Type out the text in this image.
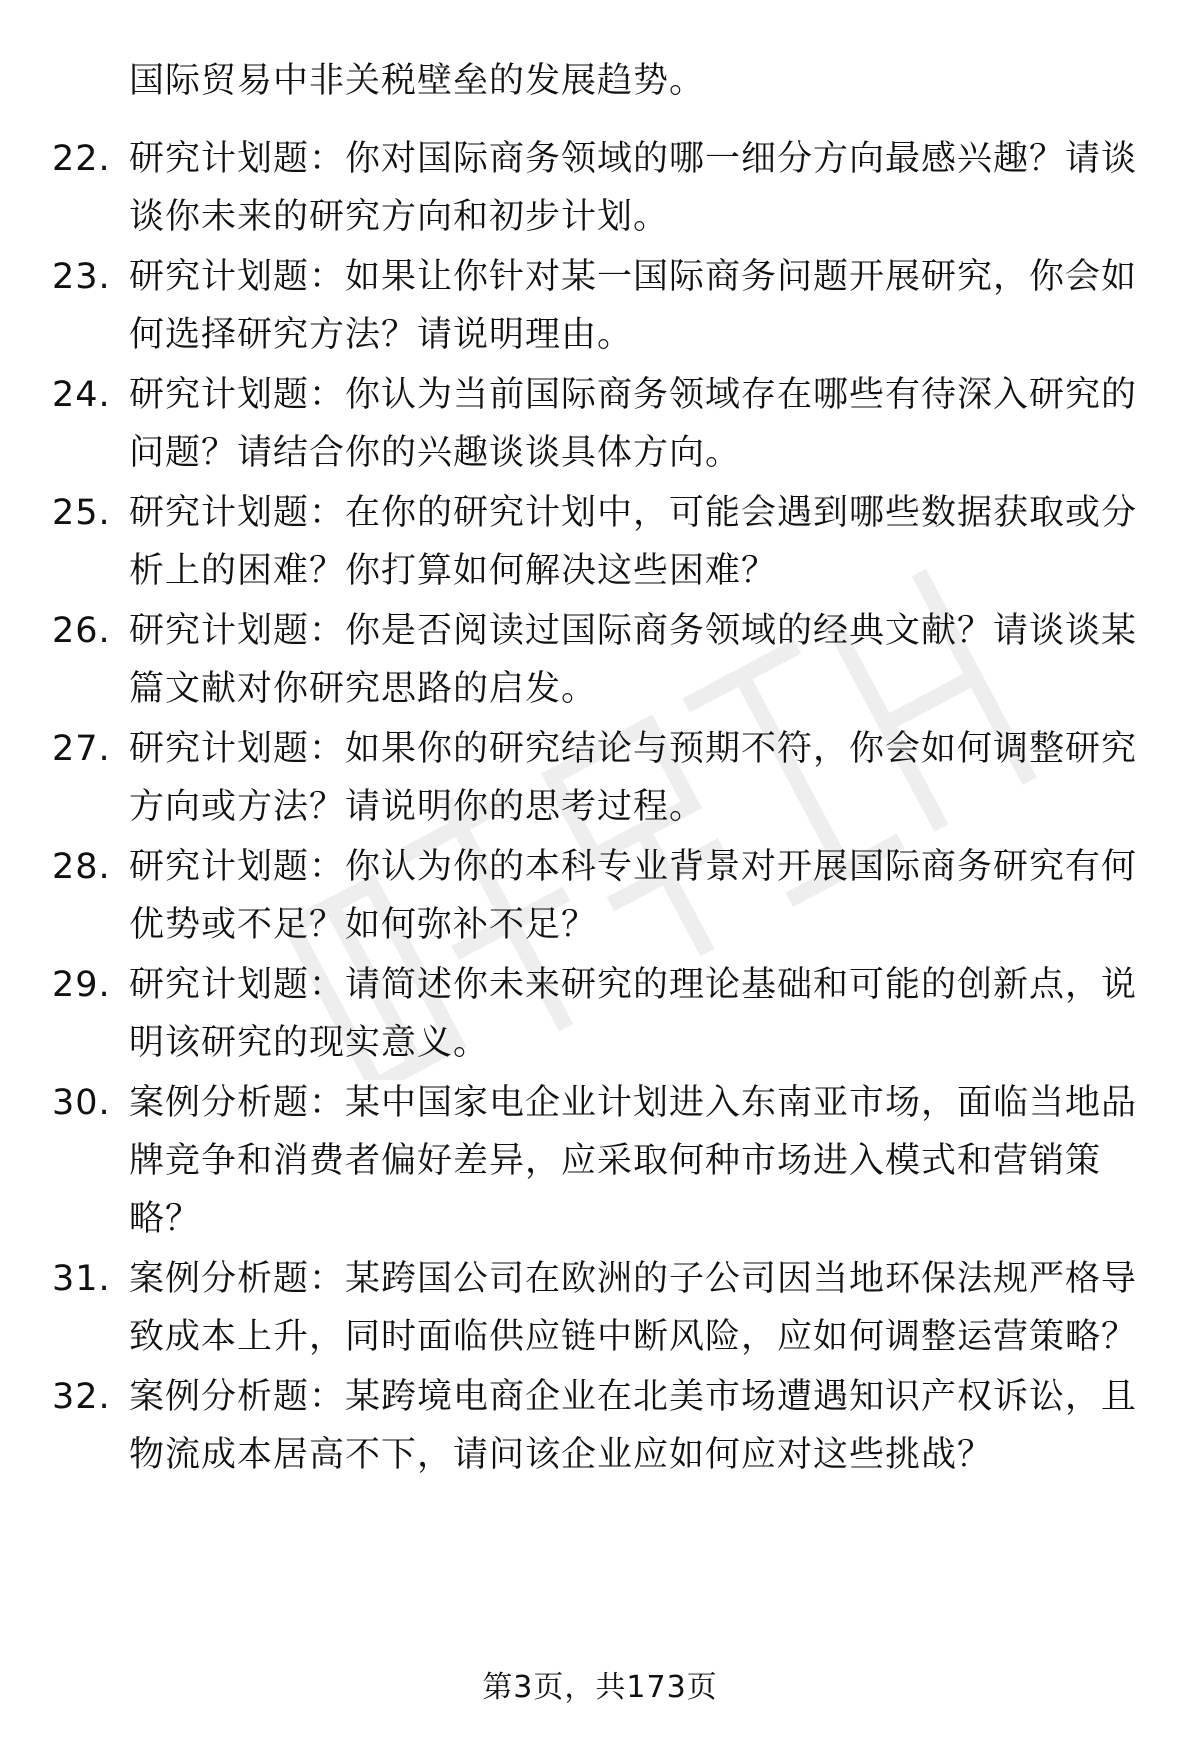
国际贸易中非关税壁垒的发展趋势。

22. 研究计划题：你对国际商务领域的哪一细分方向最感兴趣？请谈谈你未来的研究方向和初步计划。

23. 研究计划题：如果让你针对某一国际商务问题开展研究，你会如何选择研究方法？请说明理由。

24. 研究计划题：你认为当前国际商务领域存在哪些有待深入研究的问题？请结合你的兴趣谈谈具体方向。

25. 研究计划题：在你的研究计划中，可能会遇到哪些数据获取或分析上的困难？你打算如何解决这些困难？

26. 研究计划题：你是否阅读过国际商务领域的经典文献？请谈谈某篇文献对你研究思路的启发。

27. 研究计划题：如果你的研究结论与预期不符，你会如何调整研究方向或方法？请说明你的思考过程。

28. 研究计划题：你认为你的本科专业背景对开展国际商务研究有何优势或不足？如何弥补不足？

29. 研究计划题：请简述你未来研究的理论基础和可能的创新点，说明该研究的现实意义。

30. 案例分析题：某中国家电企业计划进入东南亚市场，面临当地品牌竞争和消费者偏好差异，应采取何种市场进入模式和营销策略？

31. 案例分析题：某跨国公司在欧洲的子公司因当地环保法规严格导致成本上升，同时面临供应链中断风险，应如何调整运营策略？

32. 案例分析题：某跨境电商企业在北美市场遭遇知识产权诉讼，且物流成本居高不下，请问该企业应如何应对这些挑战？

第3页，共173页
